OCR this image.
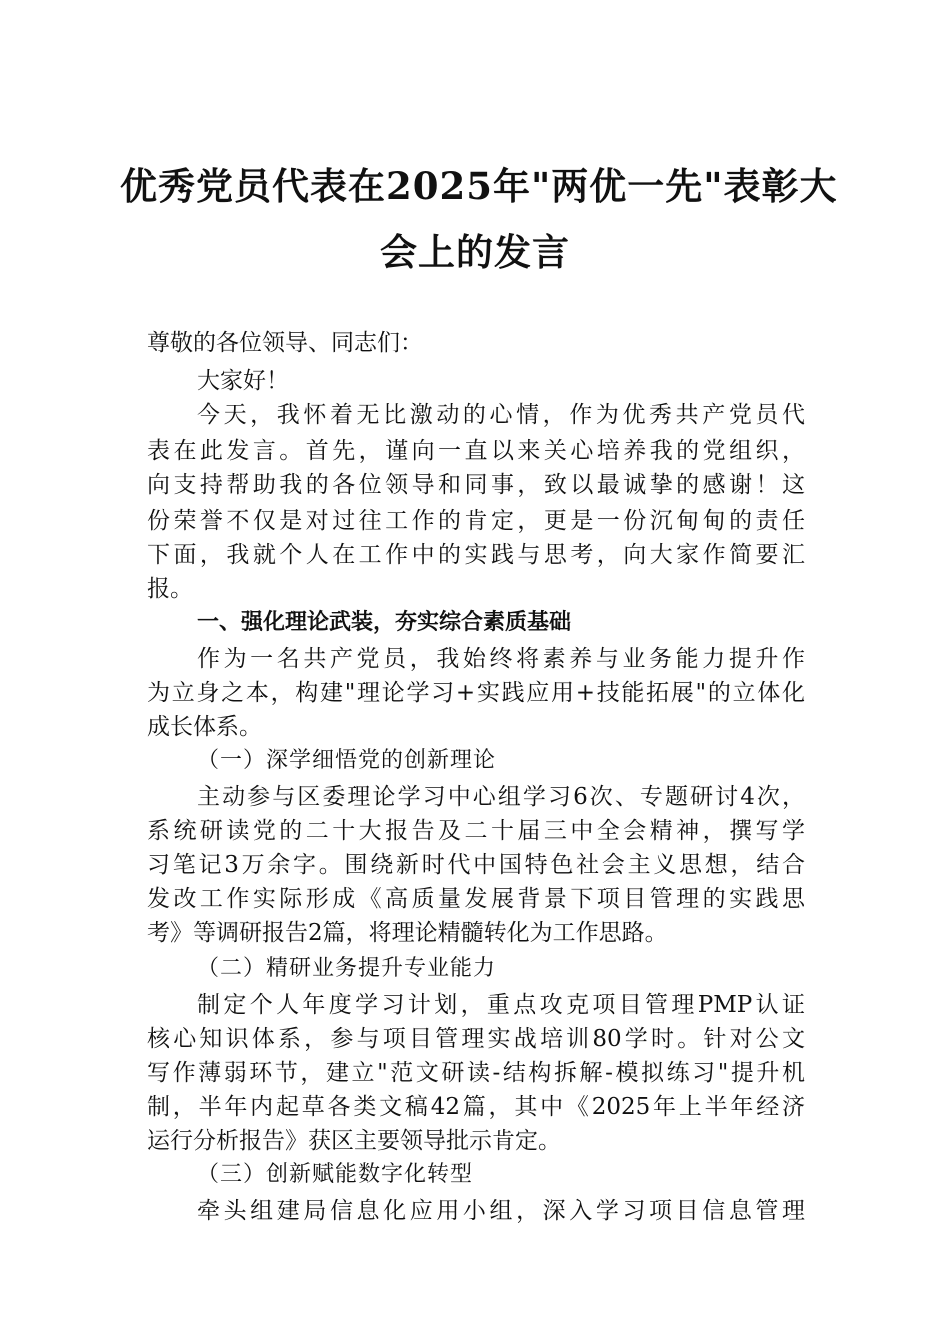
优秀党员代表在2025年"两优一先"表彰大
会上的发言
尊敬的各位领导、同志们：
大家好！
今天，我怀着无比激动的心情，作为优秀共产党员代
表在此发言。首先，谨向一直以来关心培养我的党组织，
向支持帮助我的各位领导和同事，致以最诚挚的感谢！这
份荣誉不仅是对过往工作的肯定，更是一份沉甸甸的责任
下面，我就个人在工作中的实践与思考，向大家作简要汇
报。
一、强化理论武装，夯实综合素质基础
作为一名共产党员，我始终将素养与业务能力提升作
为立身之本，构建"理论学习+实践应用+技能拓展"的立体化
成长体系。
（一）深学细悟党的创新理论
主动参与区委理论学习中心组学习6次、专题研讨4次，
系统研读党的二十大报告及二十届三中全会精神，撰写学
习笔记3万余字。围绕新时代中国特色社会主义思想，结合
发改工作实际形成《高质量发展背景下项目管理的实践思
考》等调研报告2篇，将理论精髓转化为工作思路。
（二）精研业务提升专业能力
制定个人年度学习计划，重点攻克项目管理PMP认证
核心知识体系，参与项目管理实战培训80学时。针对公文
写作薄弱环节，建立"范文研读-结构拆解-模拟练习"提升机
制，半年内起草各类文稿42篇，其中《2025年上半年经济
运行分析报告》获区主要领导批示肯定。
（三）创新赋能数字化转型
牵头组建局信息化应用小组，深入学习项目信息管理
